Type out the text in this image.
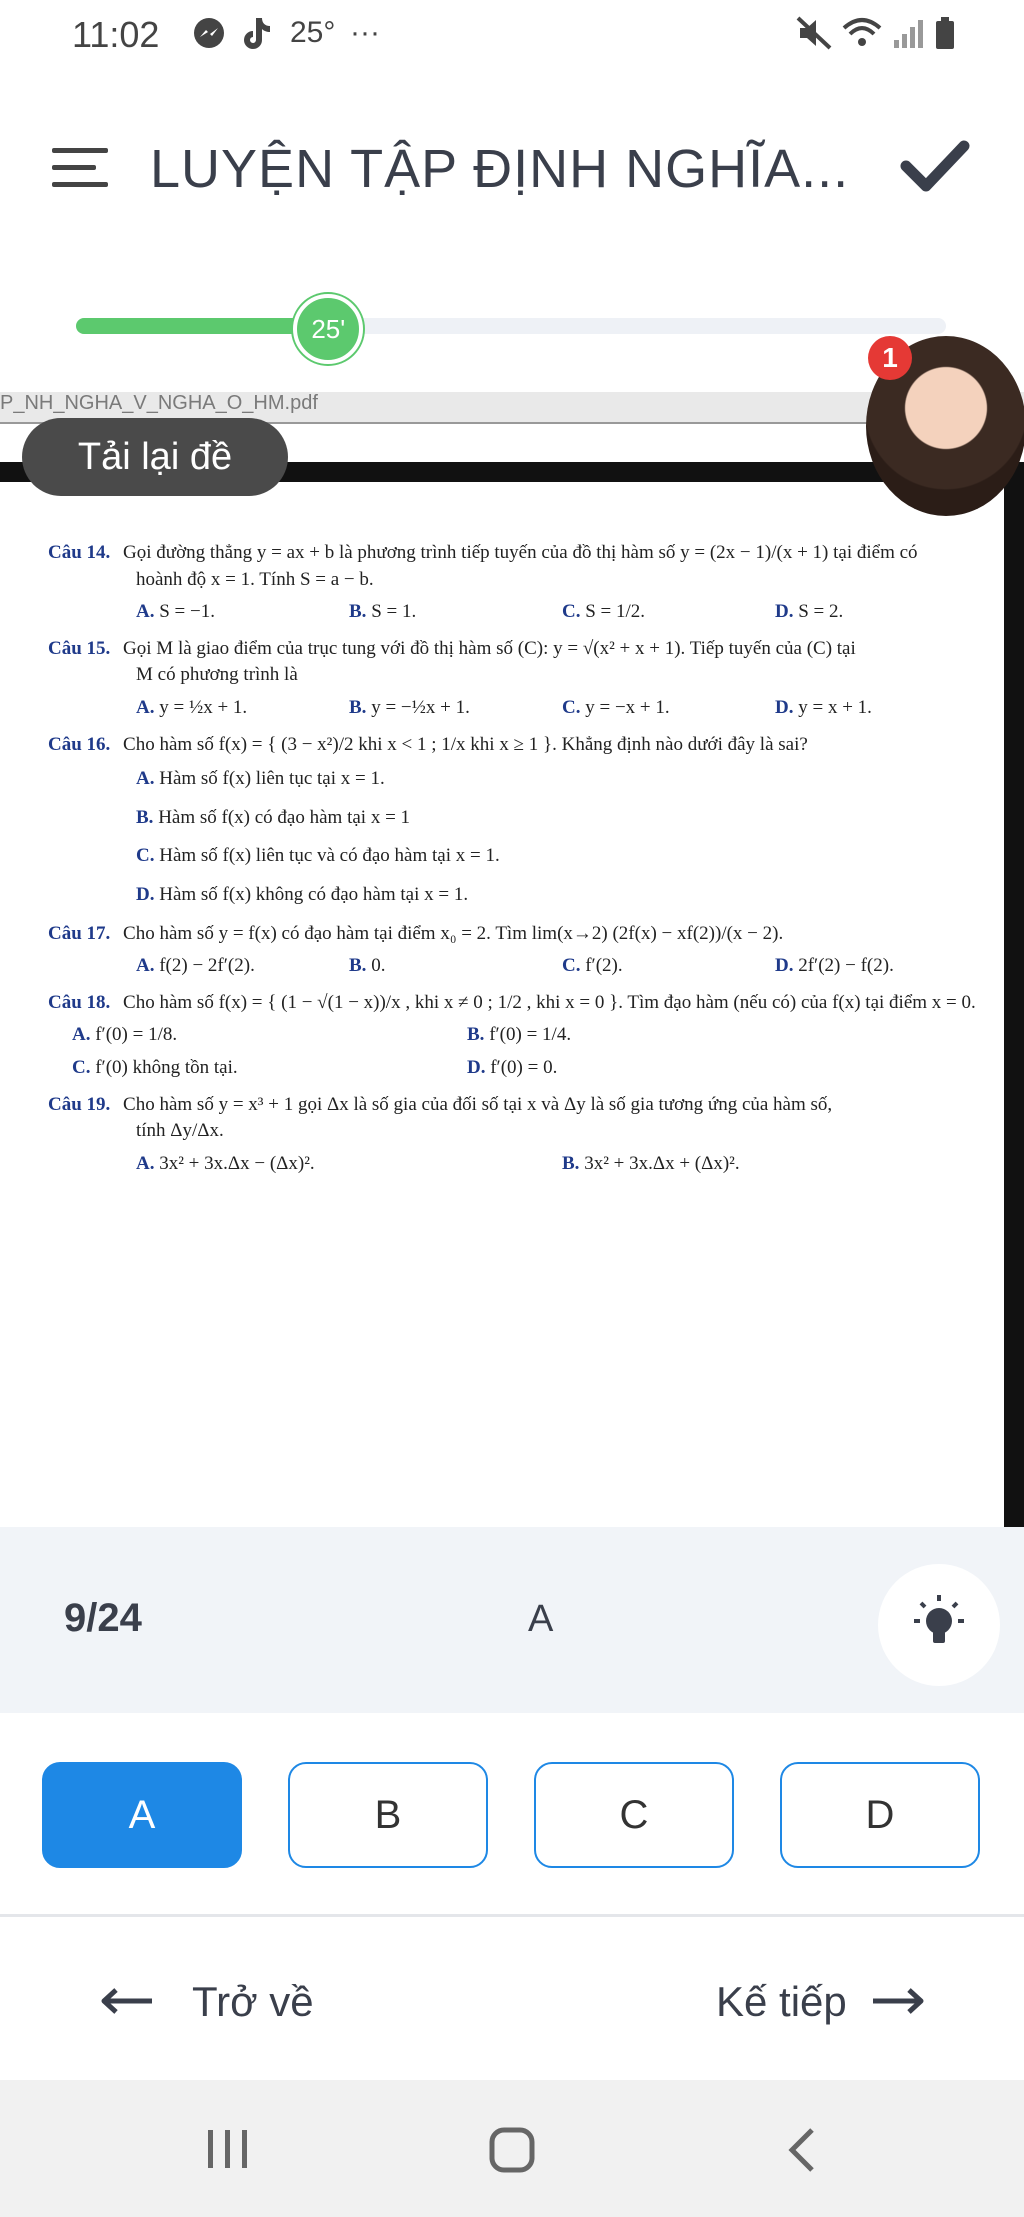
11:02	25° ···
LUYỆN TẬP ĐỊNH NGHĨA...
25'
P_NH_NGHA_V_NGHA_O_HM.pdf
Tải lại đề
1
Câu 14. Gọi đường thẳng y = ax + b là phương trình tiếp tuyến của đồ thị hàm số y = (2x − 1)/(x + 1) tại điểm có
hoành độ x = 1. Tính S = a − b.
A. S = −1.	B. S = 1.	C. S = 1/2.	D. S = 2.
Câu 15. Gọi M là giao điểm của trục tung với đồ thị hàm số (C): y = √(x² + x + 1). Tiếp tuyến của (C) tại
M có phương trình là
A. y = ½x + 1.	B. y = −½x + 1.	C. y = −x + 1.	D. y = x + 1.
Câu 16. Cho hàm số f(x) = { (3 − x²)/2 khi x < 1 ; 1/x khi x ≥ 1 }. Khẳng định nào dưới đây là sai?
A. Hàm số f(x) liên tục tại x = 1.
B. Hàm số f(x) có đạo hàm tại x = 1
C. Hàm số f(x) liên tục và có đạo hàm tại x = 1.
D. Hàm số f(x) không có đạo hàm tại x = 1.
Câu 17. Cho hàm số y = f(x) có đạo hàm tại điểm x₀ = 2. Tìm lim(x→2) (2f(x) − xf(2))/(x − 2).
A. f(2) − 2f′(2).	B. 0.	C. f′(2).	D. 2f′(2) − f(2).
Câu 18. Cho hàm số f(x) = { (1 − √(1 − x))/x , khi x ≠ 0 ; 1/2 , khi x = 0 }. Tìm đạo hàm (nếu có) của f(x) tại điểm x = 0.
A. f′(0) = 1/8.	B. f′(0) = 1/4.
C. f′(0) không tồn tại.	D. f′(0) = 0.
Câu 19. Cho hàm số y = x³ + 1 gọi Δx là số gia của đối số tại x và Δy là số gia tương ứng của hàm số,
tính Δy/Δx.
A. 3x² + 3x.Δx − (Δx)².	B. 3x² + 3x.Δx + (Δx)².
9/24	A
A	B	C	D
Trở về	Kế tiếp
